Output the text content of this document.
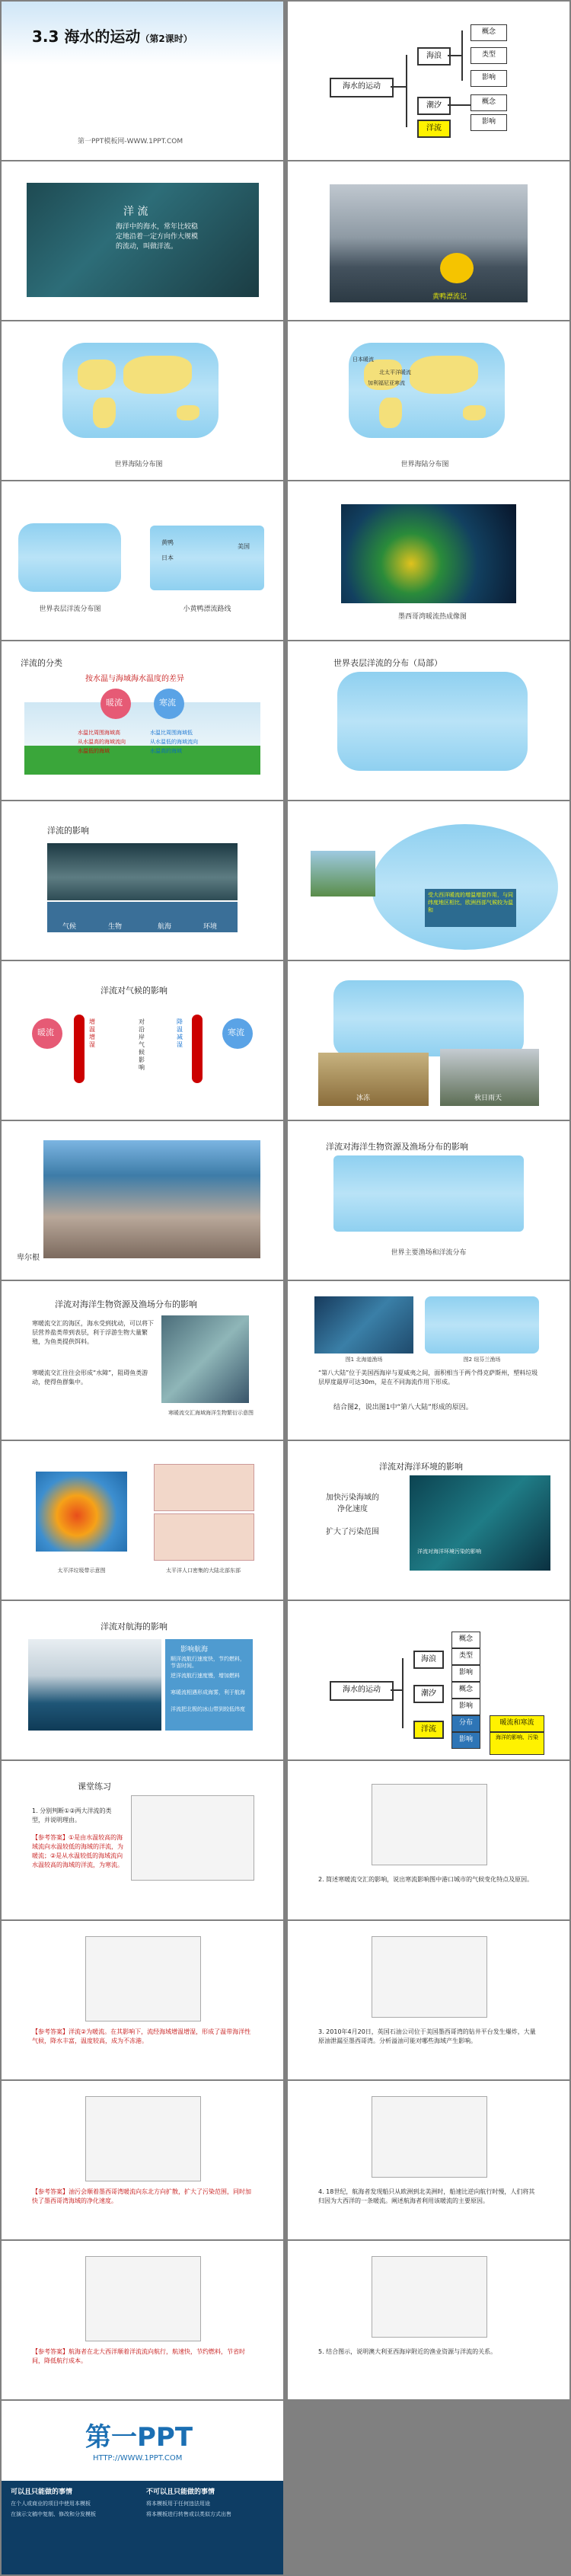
3.3 海水的运动（第2课时）
第一PPT模板网-WWW.1PPT.COM
海水的运动
海浪
潮汐
洋流
概念
类型
影响
概念
影响
洋 流
海洋中的海水，常年比较稳定地沿着一定方向作大规模的流动，叫做洋流。
黄鸭漂流记
世界海陆分布图
日本暖流
北太平洋暖流
加利福尼亚寒流
世界海陆分布图
黄鸭
日本
美国
世界表层洋流分布图	小黄鸭漂流路线
墨西哥湾暖流热成像图
洋流的分类
按水温与海域海水温度的差异
暖流	寒流
水温比周围海域高
从水温高的海域流向
水温低的海域
水温比周围海域低
从水温低的海域流向
水温高的海域
世界表层洋流的分布（局部）
洋流的影响
气候	生物	航海	环境
受大西洋暖流的增温增湿作用，与同纬度地区相比，欧洲西部气候较为温和
洋流对气候的影响
暖流
增温增湿
对沿岸气候影响
降温减湿
寒流
冰冻	秋日雨天
卑尔根
洋流对海洋生物资源及渔场分布的影响
世界主要渔场和洋流分布
洋流对海洋生物资源及渔场分布的影响
寒暖流交汇的海区，海水受到扰动，可以将下层营养盐类带到表层，利于浮游生物大量繁殖，为鱼类提供饵料。
寒暖流交汇往往会形成“水障”，阻碍鱼类游动，使得鱼群集中。
寒暖流交汇海域海洋生物繁衍示意图
图1 北海道渔场	图2 纽芬兰渔场
“第八大陆”位于美国西海岸与夏威夷之间，面积相当于两个得克萨斯州，塑料垃圾层厚度最厚可达30m，是在不同海流作用下形成。
结合图2，说出图1中“第八大陆”形成的原因。
太平洋垃圾带示意图	太平洋人口密集的大陆北部东部
洋流对海洋环境的影响
加快污染海域的
净化速度
扩大了污染范围
洋流对海洋环境污染的影响
洋流对航海的影响
影响航海
顺洋流航行速度快，节约燃料，节省时间。
逆洋流航行速度慢，增加燃料
寒暖流相遇形成海雾，利于航海
洋流把北极的冰山带到较低纬度
海水的运动
海浪
潮汐
洋流
概念
类型
影响
概念
影响
分布
影响
暖流和寒流
海洋的影响、污染
课堂练习
1. 分别判断①②两大洋流的类型，并说明理由。
【参考答案】①是由水温较高的海域流向水温较低的海域的洋流，为暖流；②是从水温较低的海域流向水温较高的海域的洋流，为寒流。
2. 简述寒暖流交汇的影响，说出寒流影响图中港口城市的气候变化特点及原因。
【参考答案】洋流②为暖流。在其影响下，流经海域增温增湿，形成了温带海洋性气候，降水丰富，温度较高，成为不冻港。
3. 2010年4月20日，英国石油公司位于美国墨西哥湾的钻井平台发生爆炸，大量原油泄漏至墨西哥湾。分析溢油可能对哪些海域产生影响。
【参考答案】油污会顺着墨西哥湾暖流向东北方向扩散，扩大了污染范围，同时加快了墨西哥湾海域的净化速度。
4. 18世纪，航海者发现船只从欧洲到北美洲时，船速比逆向航行时慢，人们将其归因为大西洋的一条暖流。阐述航海者利用该暖流的主要原因。
【参考答案】航海者在北大西洋顺着洋流流向航行，航速快，节约燃料，节省时间，降低航行成本。
5. 结合图示，说明澳大利亚西海岸附近的渔业资源与洋流的关系。
第一PPT
HTTP://WWW.1PPT.COM
可以且只能做的事情	不可以且只能做的事情
在个人或商业的项目中使用本模板
在演示文稿中复制、修改和分发模板
将本模板用于任何违法用途
将本模板进行转售或以类似方式出售
